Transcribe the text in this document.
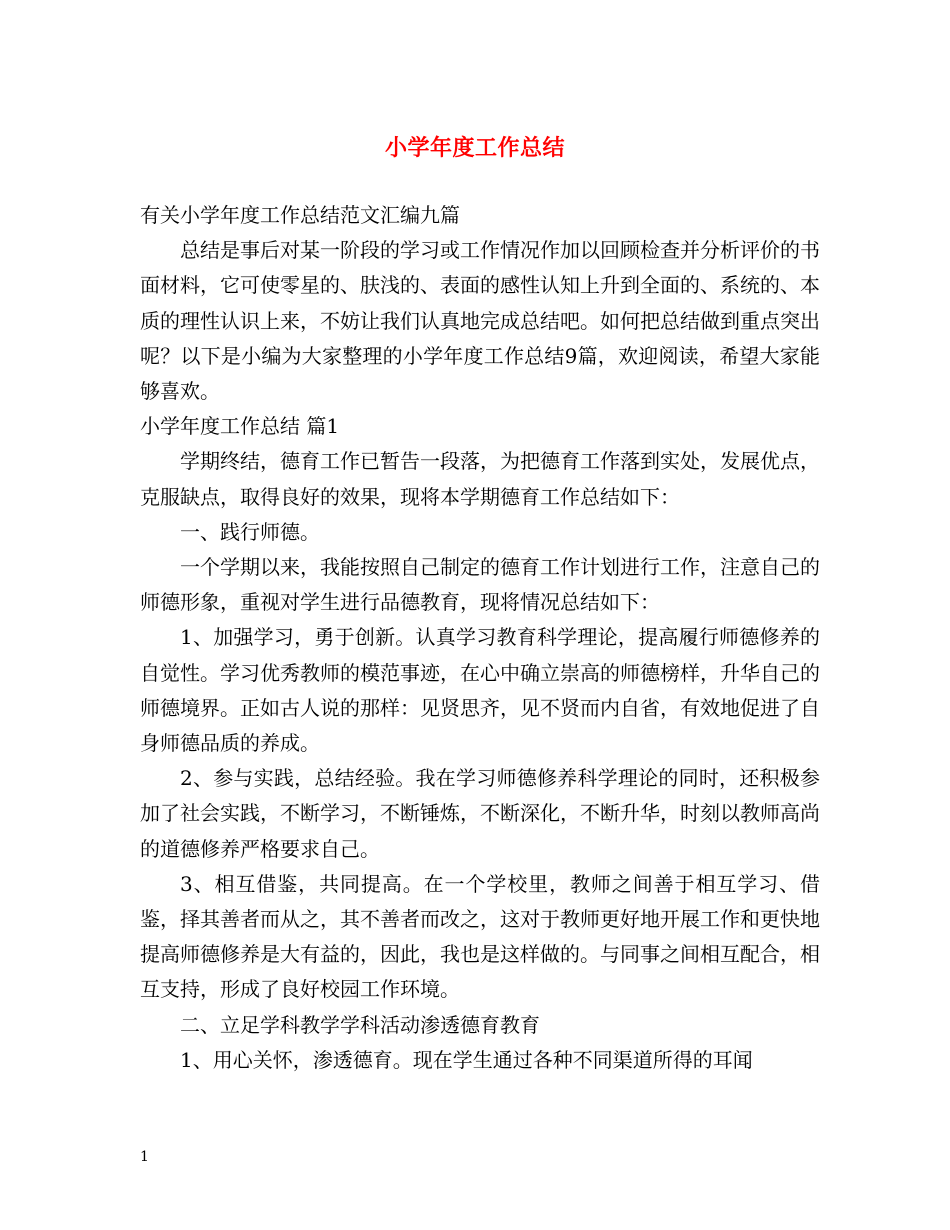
小学年度工作总结

有关小学年度工作总结范文汇编九篇

总结是事后对某一阶段的学习或工作情况作加以回顾检查并分析评价的书面材料，它可使零星的、肤浅的、表面的感性认知上升到全面的、系统的、本质的理性认识上来，不妨让我们认真地完成总结吧。如何把总结做到重点突出呢？以下是小编为大家整理的小学年度工作总结9篇，欢迎阅读，希望大家能够喜欢。

小学年度工作总结 篇1

学期终结，德育工作已暂告一段落，为把德育工作落到实处，发展优点，克服缺点，取得良好的效果，现将本学期德育工作总结如下：

一、践行师德。

一个学期以来，我能按照自己制定的德育工作计划进行工作，注意自己的师德形象，重视对学生进行品德教育，现将情况总结如下：

1、加强学习，勇于创新。认真学习教育科学理论，提高履行师德修养的自觉性。学习优秀教师的模范事迹，在心中确立崇高的师德榜样，升华自己的师德境界。正如古人说的那样：见贤思齐，见不贤而内自省，有效地促进了自身师德品质的养成。

2、参与实践，总结经验。我在学习师德修养科学理论的同时，还积极参加了社会实践，不断学习，不断锤炼，不断深化，不断升华，时刻以教师高尚的道德修养严格要求自己。

3、相互借鉴，共同提高。在一个学校里，教师之间善于相互学习、借鉴，择其善者而从之，其不善者而改之，这对于教师更好地开展工作和更快地提高师德修养是大有益的，因此，我也是这样做的。与同事之间相互配合，相互支持，形成了良好校园工作环境。

二、立足学科教学学科活动渗透德育教育

1、用心关怀，渗透德育。现在学生通过各种不同渠道所得的耳闻

1
